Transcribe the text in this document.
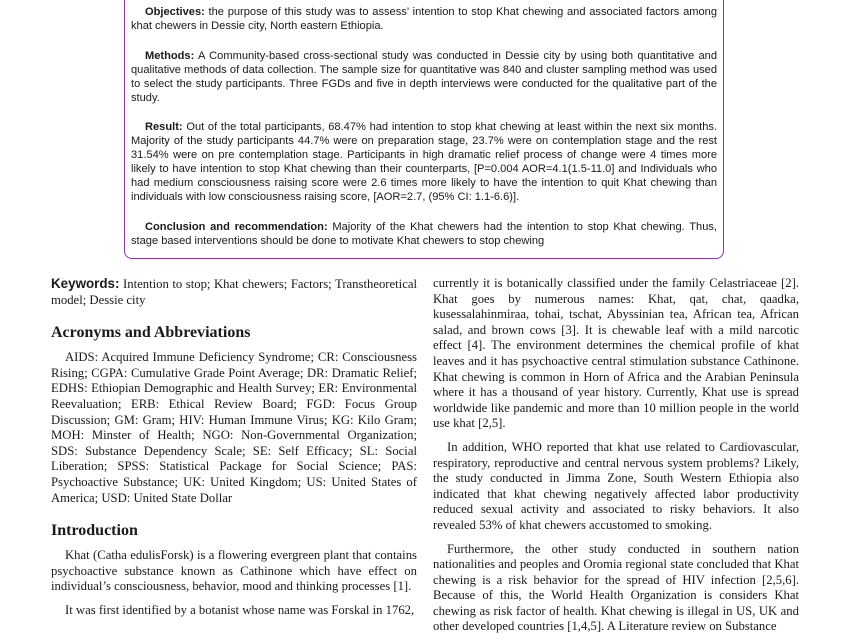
Objectives: the purpose of this study was to assess’ intention to stop Khat chewing and associated factors among khat chewers in Dessie city, North eastern Ethiopia.

Methods: A Community-based cross-sectional study was conducted in Dessie city by using both quantitative and qualitative methods of data collection. The sample size for quantitative was 840 and cluster sampling method was used to select the study participants. Three FGDs and five in depth interviews were conducted for the qualitative part of the study.

Result: Out of the total participants, 68.47% had intention to stop khat chewing at least within the next six months. Majority of the study participants 44.7% were on preparation stage, 23.7% were on contemplation stage and the rest 31.54% were on pre contemplation stage. Participants in high dramatic relief process of change were 4 times more likely to have intention to stop Khat chewing than their counterparts, [P=0.004 AOR=4.1(1.5-11.0] and Individuals who had medium consciousness raising score were 2.6 times more likely to have the intention to quit Khat chewing than individuals with low consciousness raising score, [AOR=2.7, (95% CI: 1.1-6.6)].

Conclusion and recommendation: Majority of the Khat chewers had the intention to stop Khat chewing. Thus, stage based interventions should be done to motivate Khat chewers to stop chewing

Keywords: Intention to stop; Khat chewers; Factors; Transtheoretical model; Dessie city

Acronyms and Abbreviations

AIDS: Acquired Immune Deficiency Syndrome; CR: Consciousness Rising; CGPA: Cumulative Grade Point Average; DR: Dramatic Relief; EDHS: Ethiopian Demographic and Health Survey; ER: Environmental Reevaluation; ERB: Ethical Review Board; FGD: Focus Group Discussion; GM: Gram; HIV: Human Immune Virus; KG: Kilo Gram; MOH: Minster of Health; NGO: Non-Governmental Organization; SDS: Substance Dependency Scale; SE: Self Efficacy; SL: Social Liberation; SPSS: Statistical Package for Social Science; PAS: Psychoactive Substance; UK: United Kingdom; US: United States of America; USD: United State Dollar

Introduction

Khat (Catha edulisForsk) is a flowering evergreen plant that contains psychoactive substance known as Cathinone which have effect on individual’s consciousness, behavior, mood and thinking processes [1].

It was first identified by a botanist whose name was Forskal in 1762,

currently it is botanically classified under the family Celastriaceae [2]. Khat goes by numerous names: Khat, qat, chat, qaadka, kusessalahinmiraa, tohai, tschat, Abyssinian tea, African tea, African salad, and brown cows [3]. It is chewable leaf with a mild narcotic effect [4]. The environment determines the chemical profile of khat leaves and it has psychoactive central stimulation substance Cathinone. Khat chewing is common in Horn of Africa and the Arabian Peninsula where it has a thousand of year history. Currently, Khat use is spread worldwide like pandemic and more than 10 million people in the world use khat [2,5].

In addition, WHO reported that khat use related to Cardiovascular, respiratory, reproductive and central nervous system problems? Likely, the study conducted in Jimma Zone, South Western Ethiopia also indicated that khat chewing negatively affected labor productivity reduced sexual activity and associated to risky behaviors. It also revealed 53% of khat chewers accustomed to smoking.

Furthermore, the other study conducted in southern nation nationalities and peoples and Oromia regional state concluded that Khat chewing is a risk behavior for the spread of HIV infection [2,5,6]. Because of this, the World Health Organization is considers Khat chewing as risk factor of health. Khat chewing is illegal in US, UK and other developed countries [1,4,5]. A Literature review on Substance
